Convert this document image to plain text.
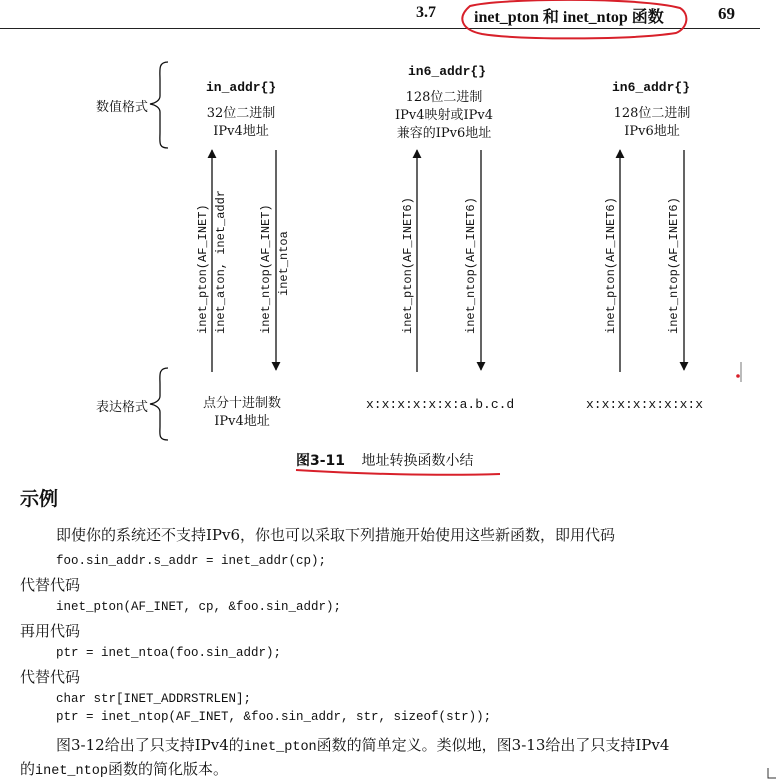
3.7 inet_pton 和 inet_ntop 函数	69
数值格式
表达格式
in_addr{}
32位二进制
IPv4地址
inet_pton(AF_INET) inet_aton, inet_addr	inet_ntop(AF_INET) inet_ntoa
点分十进制数
IPv4地址
in6_addr{}
128位二进制
IPv4映射或IPv4
兼容的IPv6地址
inet_pton(AF_INET6)	inet_ntop(AF_INET6)
x:x:x:x:x:x:a.b.c.d
in6_addr{}
128位二进制
IPv6地址
inet_pton(AF_INET6)	inet_ntop(AF_INET6)
x:x:x:x:x:x:x:x
图3-11 地址转换函数小结
示例
即使你的系统还不支持IPv6，你也可以采取下列措施开始使用这些新函数，即用代码
foo.sin_addr.s_addr = inet_addr(cp);
代替代码
inet_pton(AF_INET, cp, &foo.sin_addr);
再用代码
ptr = inet_ntoa(foo.sin_addr);
代替代码
char str[INET_ADDRSTRLEN];
ptr = inet_ntop(AF_INET, &foo.sin_addr, str, sizeof(str));
图3-12给出了只支持IPv4的inet_pton函数的简单定义。类似地，图3-13给出了只支持IPv4
的inet_ntop函数的简化版本。
